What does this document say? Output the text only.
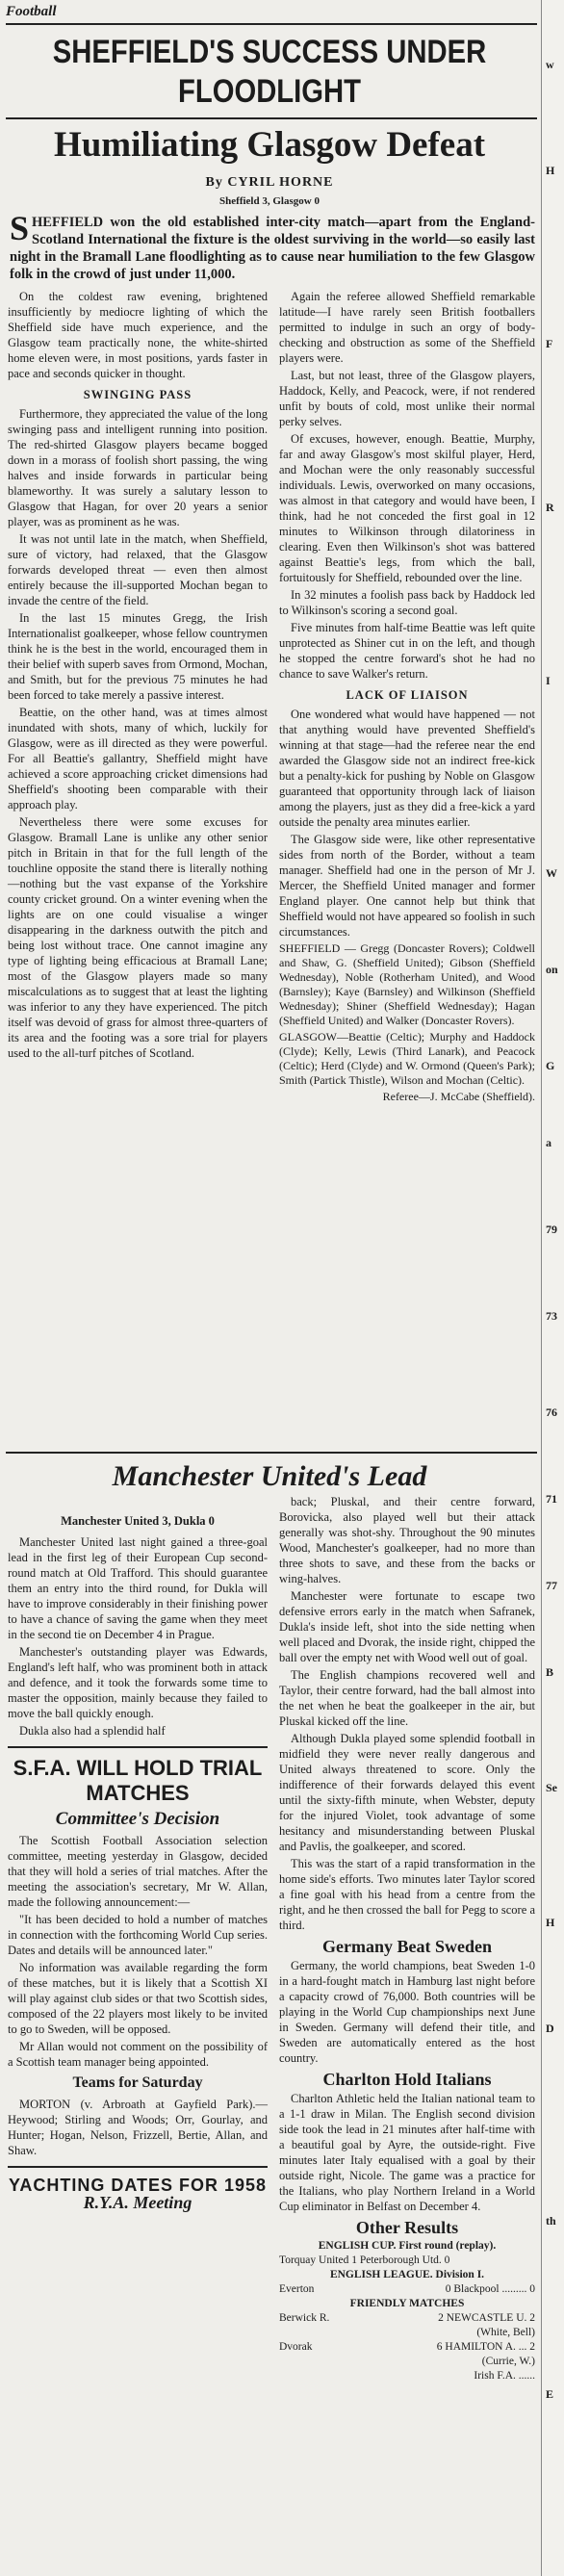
Football
SHEFFIELD'S SUCCESS UNDER FLOODLIGHT
Humiliating Glasgow Defeat
By CYRIL HORNE
Sheffield 3, Glasgow 0
SHEFFIELD won the old established inter-city match—apart from the England-Scotland International the fixture is the oldest surviving in the world—so easily last night in the Bramall Lane floodlighting as to cause near humiliation to the few Glasgow folk in the crowd of just under 11,000.

On the coldest raw evening, brightened insufficiently by mediocre lighting of which the Sheffield side have much experience, and the Glasgow team practically none, the white-shirted home eleven were, in most positions, yards faster in pace and seconds quicker in thought.

SWINGING PASS

Furthermore, they appreciated the value of the long swinging pass and intelligent running into position. The red-shirted Glasgow players became bogged down in a morass of foolish short passing, the wing halves and inside forwards in particular being blameworthy. It was surely a salutary lesson to Glasgow that Hagan, for over 20 years a senior player, was as prominent as he was.

It was not until late in the match, when Sheffield, sure of victory, had relaxed, that the Glasgow forwards developed threat — even then almost entirely because the ill-supported Mochan began to invade the centre of the field.

In the last 15 minutes Gregg, the Irish Internationalist goalkeeper, whose fellow countrymen think he is the best in the world, encouraged them in their belief with superb saves from Ormond, Mochan, and Smith, but for the previous 75 minutes he had been forced to take merely a passive interest.

Beattie, on the other hand, was at times almost inundated with shots, many of which, luckily for Glasgow, were as ill directed as they were powerful. For all Beattie's gallantry, Sheffield might have achieved a score approaching cricket dimensions had Sheffield's shooting been comparable with their approach play.

Nevertheless there were some excuses for Glasgow. Bramall Lane is unlike any other senior pitch in Britain in that for the full length of the touchline opposite the stand there is literally nothing—nothing but the vast expanse of the Yorkshire county cricket ground. On a winter evening when the lights are on one could visualise a winger disappearing in the darkness outwith the pitch and being lost without trace. One cannot imagine any type of lighting being efficacious at Bramall Lane; most of the Glasgow players made so many miscalculations as to suggest that at least the lighting was inferior to any they have experienced. The pitch itself was devoid of grass for almost three-quarters of its area and the footing was a sore trial for players used to the all-turf pitches of Scotland.

Again the referee allowed Sheffield remarkable latitude—I have rarely seen British footballers permitted to indulge in such an orgy of body-checking and obstruction as some of the Sheffield players were.

Last, but not least, three of the Glasgow players, Haddock, Kelly, and Peacock, were, if not rendered unfit by bouts of cold, most unlike their normal perky selves.

Of excuses, however, enough. Beattie, Murphy, far and away Glasgow's most skilful player, Herd, and Mochan were the only reasonably successful individuals. Lewis, overworked on many occasions, was almost in that category and would have been, I think, had he not conceded the first goal in 12 minutes to Wilkinson through dilatoriness in clearing. Even then Wilkinson's shot was battered against Beattie's legs, from which the ball, fortuitously for Sheffield, rebounded over the line.

In 32 minutes a foolish pass back by Haddock led to Wilkinson's scoring a second goal.

Five minutes from half-time Beattie was left quite unprotected as Shiner cut in on the left, and though he stopped the centre forward's shot he had no chance to save Walker's return.

LACK OF LIAISON

One wondered what would have happened — not that anything would have prevented Sheffield's winning at that stage—had the referee near the end awarded the Glasgow side not an indirect free-kick but a penalty-kick for pushing by Noble on Glasgow guaranteed that opportunity through lack of liaison among the players, just as they did a free-kick a yard outside the penalty area minutes earlier.

The Glasgow side were, like other representative sides from north of the Border, without a team manager. Sheffield had one in the person of Mr J. Mercer, the Sheffield United manager and former England player. One cannot help but think that Sheffield would not have appeared so foolish in such circumstances.

SHEFFIELD — Gregg (Doncaster Rovers); Coldwell and Shaw, G. (Sheffield United); Gibson (Sheffield Wednesday), Noble (Rotherham United), and Wood (Barnsley); Kaye (Barnsley) and Wilkinson (Sheffield Wednesday); Shiner (Sheffield Wednesday); Hagan (Sheffield United) and Walker (Doncaster Rovers).

GLASGOW—Beattie (Celtic); Murphy and Haddock (Clyde); Kelly, Lewis (Third Lanark), and Peacock (Celtic); Herd (Clyde) and W. Ormond (Queen's Park); Smith (Partick Thistle), Wilson and Mochan (Celtic).

Referee—J. McCabe (Sheffield).

Manchester United's Lead
Manchester United 3, Dukla 0

Manchester United last night gained a three-goal lead in the first leg of their European Cup second-round match at Old Trafford. This should guarantee them an entry into the third round, for Dukla will have to improve considerably in their finishing power to have a chance of saving the game when they meet in the second tie on December 4 in Prague.

Manchester's outstanding player was Edwards, England's left half, who was prominent both in attack and defence, and it took the forwards some time to master the opposition, mainly because they failed to move the ball quickly enough.

Dukla also had a splendid half

S.F.A. WILL HOLD TRIAL MATCHES
Committee's Decision

The Scottish Football Association selection committee, meeting yesterday in Glasgow, decided that they will hold a series of trial matches. After the meeting the association's secretary, Mr W. Allan, made the following announcement:—

"It has been decided to hold a number of matches in connection with the forthcoming World Cup series. Dates and details will be announced later."

No information was available regarding the form of these matches, but it is likely that a Scottish XI will play against club sides or that two Scottish sides, composed of the 22 players most likely to be invited to go to Sweden, will be opposed.

Mr Allan would not comment on the possibility of a Scottish team manager being appointed.

Teams for Saturday

MORTON (v. Arbroath at Gayfield Park).—Heywood; Stirling and Woods; Orr, Gourlay, and Hunter; Hogan, Nelson, Frizzell, Bertie, Allan, and Shaw.

YACHTING DATES FOR 1958
R.Y.A. Meeting

back; Pluskal, and their centre forward, Borovicka, also played well but their attack generally was shot-shy. Throughout the 90 minutes Wood, Manchester's goalkeeper, had no more than three shots to save, and these from the backs or wing-halves.

Manchester were fortunate to escape two defensive errors early in the match when Safranek, Dukla's inside left, shot into the side netting when well placed and Dvorak, the inside right, chipped the ball over the empty net with Wood well out of goal.

The English champions recovered well and Taylor, their centre forward, had the ball almost into the net when he beat the goalkeeper in the air, but Pluskal kicked off the line.

Although Dukla played some splendid football in midfield they were never really dangerous and United always threatened to score. Only the indifference of their forwards delayed this event until the sixty-fifth minute, when Webster, deputy for the injured Violet, took advantage of some hesitancy and misunderstanding between Pluskal and Pavlis, the goalkeeper, and scored.

This was the start of a rapid transformation in the home side's efforts. Two minutes later Taylor scored a fine goal with his head from a centre from the right, and he then crossed the ball for Pegg to score a third.

Germany Beat Sweden

Germany, the world champions, beat Sweden 1-0 in a hard-fought match in Hamburg last night before a capacity crowd of 76,000. Both countries will be playing in the World Cup championships next June in Sweden. Germany will defend their title, and Sweden are automatically entered as the host country.

Charlton Hold Italians

Charlton Athletic held the Italian national team to a 1-1 draw in Milan. The English second division side took the lead in 21 minutes after half-time with a beautiful goal by Ayre, the outside-right. Five minutes later Italy equalised with a goal by their outside right, Nicole. The game was a practice for the Italians, who play Northern Ireland in a World Cup eliminator in Belfast on December 4.

Other Results
ENGLISH CUP. First round (replay).
Torquay United 1 Peterborough Utd. 0
ENGLISH LEAGUE. Division I.
Everton	0 Blackpool ......... 0
FRIENDLY MATCHES
Berwick R.	2 NEWCASTLE U. 2
(White, Bell)
Dvorak	6 HAMILTON A. ... 2
(Currie, W.)
Irish F.A. ......
w
H
F
R
I
W
on
G
a
79
73
76
71
77
B
Se
H
D
th
E
